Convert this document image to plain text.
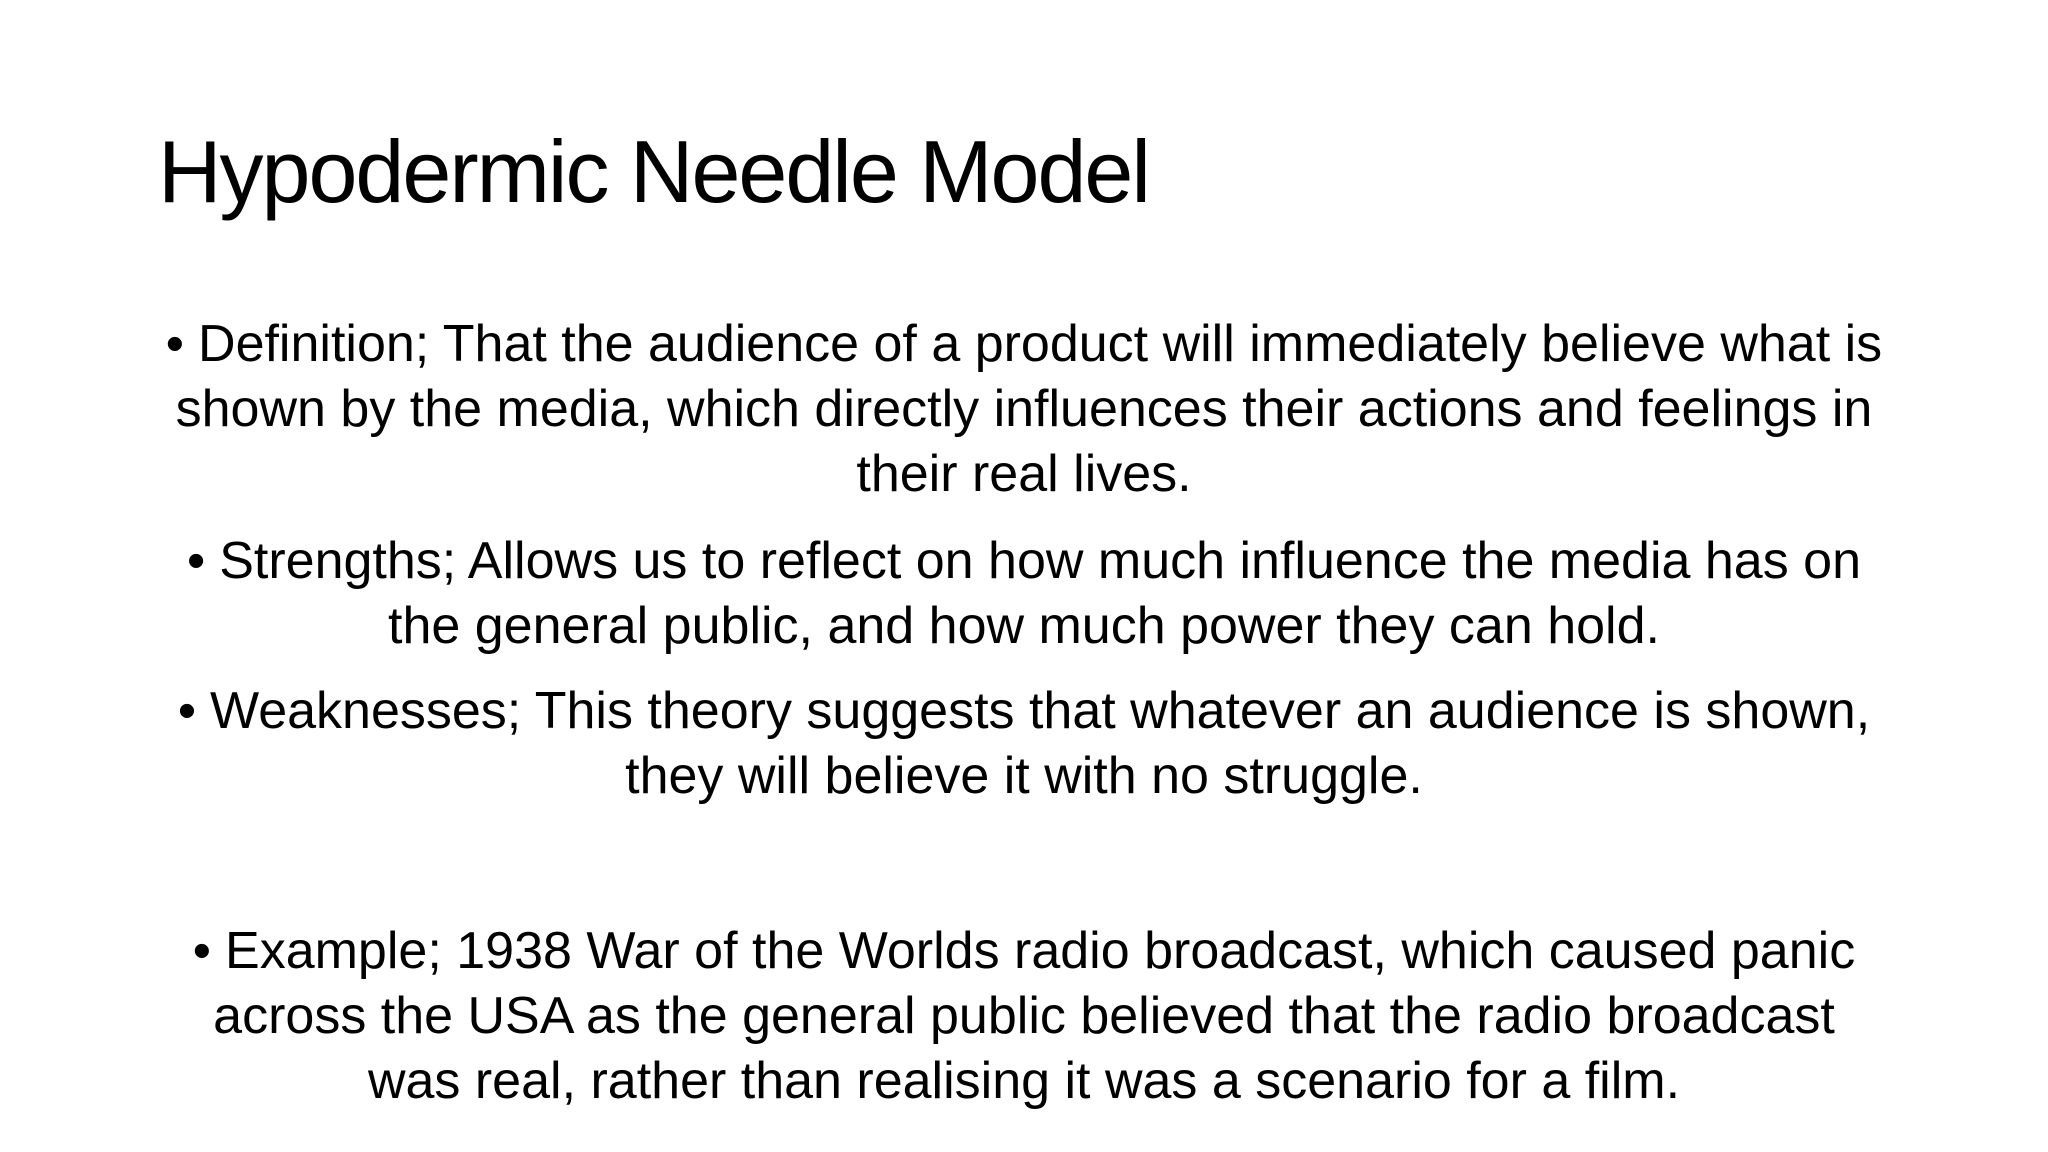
Hypodermic Needle Model
• Definition; That the audience of a product will immediately believe what is shown by the media, which directly influences their actions and feelings in their real lives.
• Strengths; Allows us to reflect on how much influence the media has on the general public, and how much power they can hold.
• Weaknesses; This theory suggests that whatever an audience is shown, they will believe it with no struggle.
• Example; 1938 War of the Worlds radio broadcast, which caused panic across the USA as the general public believed that the radio broadcast was real, rather than realising it was a scenario for a film.
